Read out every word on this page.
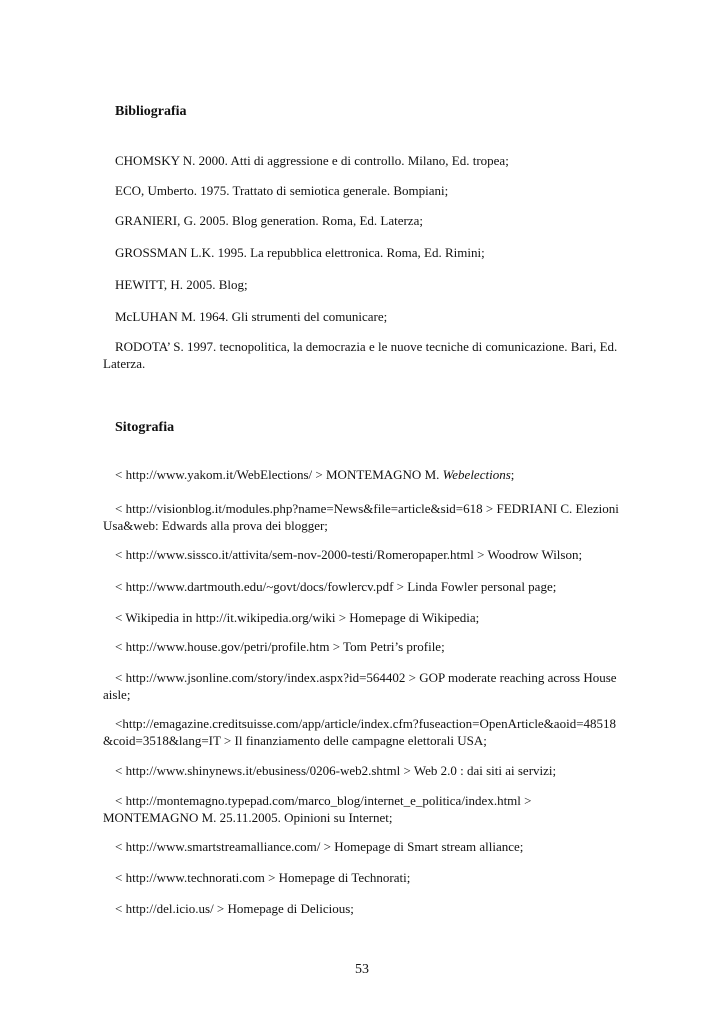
Bibliografia

CHOMSKY N. 2000. Atti di aggressione e di controllo. Milano, Ed. tropea;

ECO, Umberto. 1975. Trattato di semiotica generale. Bompiani;

GRANIERI, G. 2005. Blog generation. Roma, Ed. Laterza;

GROSSMAN L.K. 1995. La repubblica elettronica. Roma, Ed. Rimini;

HEWITT, H. 2005. Blog;

McLUHAN M. 1964. Gli strumenti del comunicare;

RODOTA’ S. 1997. tecnopolitica, la democrazia e le nuove tecniche di comunicazione. Bari, Ed. Laterza.

Sitografia

< http://www.yakom.it/WebElections/ > MONTEMAGNO M. Webelections;

< http://visionblog.it/modules.php?name=News&file=article&sid=618 > FEDRIANI C. Elezioni Usa&web: Edwards alla prova dei blogger;

< http://www.sissco.it/attivita/sem-nov-2000-testi/Romeropaper.html > Woodrow Wilson;

< http://www.dartmouth.edu/~govt/docs/fowlercv.pdf > Linda Fowler personal page;

< Wikipedia in http://it.wikipedia.org/wiki > Homepage di Wikipedia;

< http://www.house.gov/petri/profile.htm > Tom Petri’s profile;

< http://www.jsonline.com/story/index.aspx?id=564402 > GOP moderate reaching across House aisle;

<http://emagazine.creditsuisse.com/app/article/index.cfm?fuseaction=OpenArticle&aoid=48518&coid=3518&lang=IT > Il finanziamento delle campagne elettorali USA;

< http://www.shinynews.it/ebusiness/0206-web2.shtml > Web 2.0 : dai siti ai servizi;

< http://montemagno.typepad.com/marco_blog/internet_e_politica/index.html > MONTEMAGNO M. 25.11.2005. Opinioni su Internet;

< http://www.smartstreamalliance.com/ > Homepage di Smart stream alliance;

< http://www.technorati.com > Homepage di Technorati;

< http://del.icio.us/ > Homepage di Delicious;

53
